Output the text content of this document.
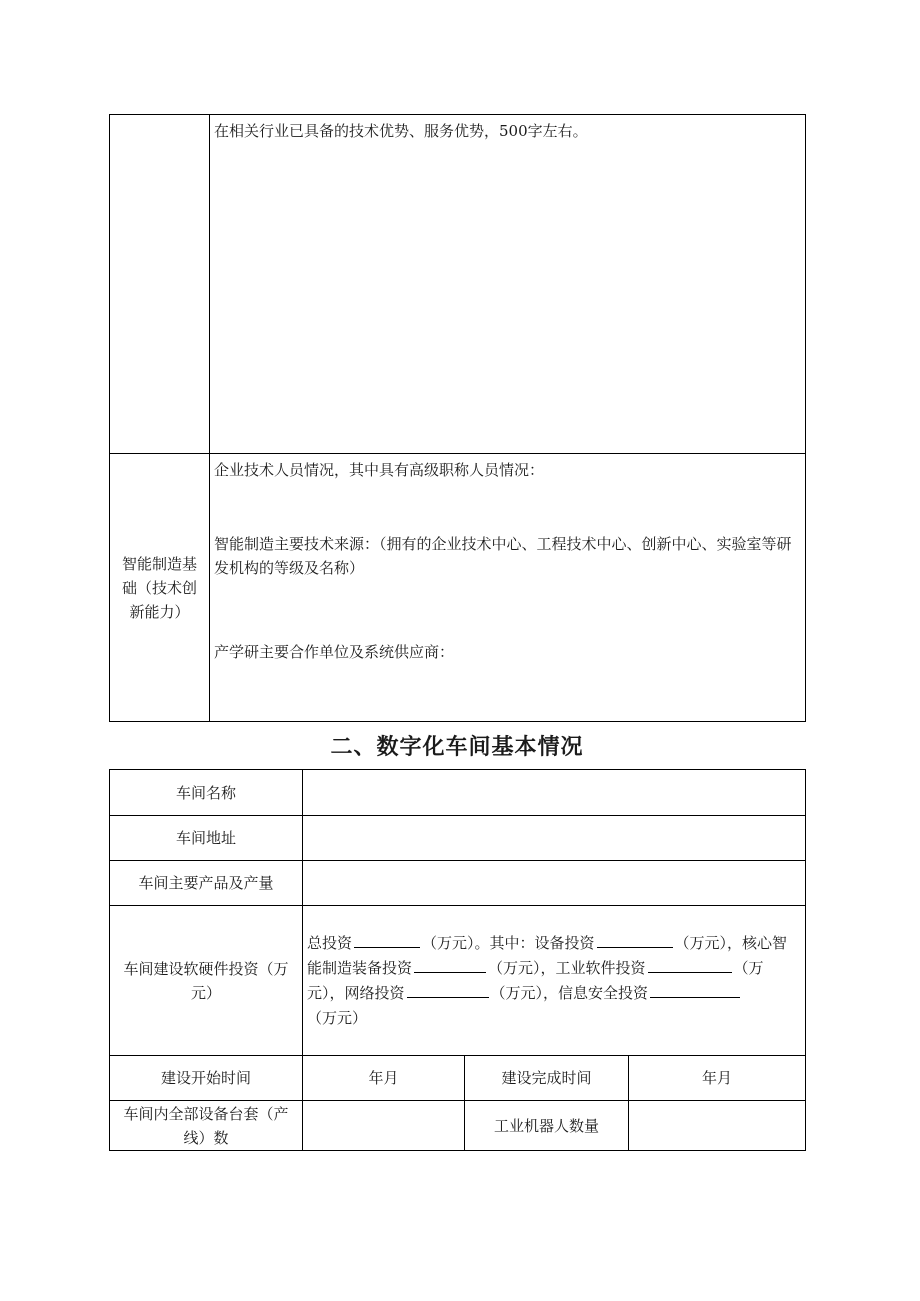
	在相关行业已具备的技术优势、服务优势，500字左右。
智能制造基础（技术创新能力）	企业技术人员情况，其中具有高级职称人员情况：
智能制造主要技术来源：（拥有的企业技术中心、工程技术中心、创新中心、实验室等研发机构的等级及名称）
产学研主要合作单位及系统供应商：
二、数字化车间基本情况
车间名称			
车间地址			
车间主要产品及产量			
车间建设软硬件投资（万元）	总投资 （万元）。其中：设备投资 （万元），核心智能制造装备投资 （万元），工业软件投资 （万元），网络投资 （万元），信息安全投资（万元）		
建设开始时间	年月	建设完成时间	年月
车间内全部设备台套（产线）数		工业机器人数量	
